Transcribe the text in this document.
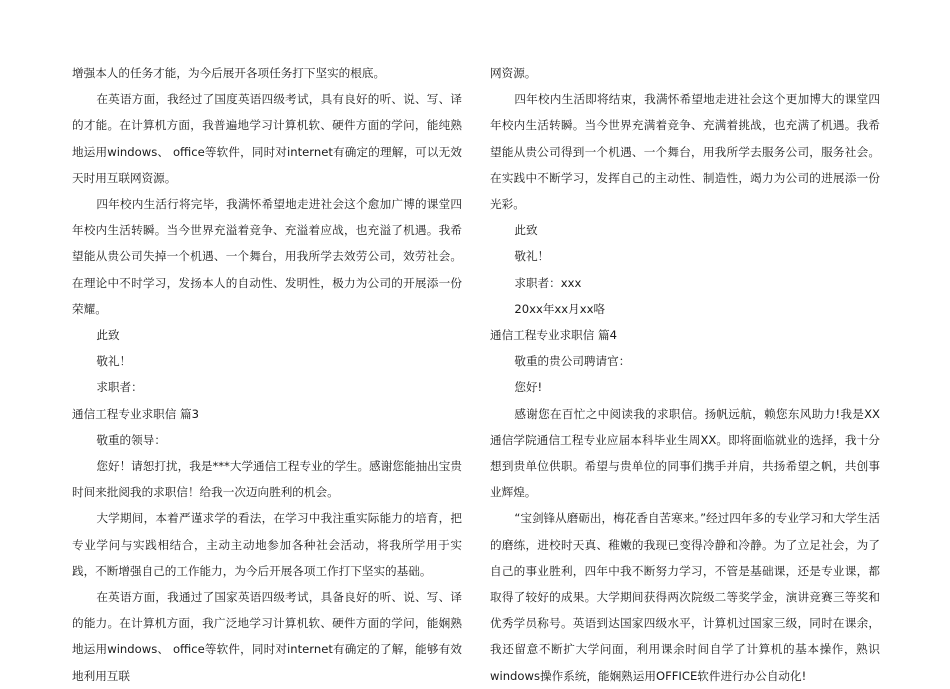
增强本人的任务才能，为今后展开各项任务打下坚实的根底。

在英语方面，我经过了国度英语四级考试，具有良好的听、说、写、译的才能。在计算机方面，我普遍地学习计算机软、硬件方面的学问，能纯熟地运用windows、 office等软件，同时对internet有确定的理解，可以无效天时用互联网资源。

四年校内生活行将完毕，我满怀希望地走进社会这个愈加广博的课堂四年校内生活转瞬。当今世界充溢着竞争、充溢着应战，也充溢了机遇。我希望能从贵公司失掉一个机遇、一个舞台，用我所学去效劳公司，效劳社会。在理论中不时学习，发扬本人的自动性、发明性，极力为公司的开展添一份荣耀。

此致

敬礼！

求职者：

通信工程专业求职信 篇3

敬重的领导：

您好！请恕打扰，我是***大学通信工程专业的学生。感谢您能抽出宝贵时间来批阅我的求职信！给我一次迈向胜利的机会。

大学期间，本着严谨求学的看法，在学习中我注重实际能力的培育，把专业学问与实践相结合，主动主动地参加各种社会活动，将我所学用于实践，不断增强自己的工作能力，为今后开展各项工作打下坚实的基础。

在英语方面，我通过了国家英语四级考试，具备良好的听、说、写、译的能力。在计算机方面，我广泛地学习计算机软、硬件方面的学问，能娴熟地运用windows、 office等软件，同时对internet有确定的了解，能够有效地利用互联

网资源。

四年校内生活即将结束，我满怀希望地走进社会这个更加博大的课堂四年校内生活转瞬。当今世界充满着竞争、充满着挑战，也充满了机遇。我希望能从贵公司得到一个机遇、一个舞台，用我所学去服务公司，服务社会。在实践中不断学习，发挥自己的主动性、制造性，竭力为公司的进展添一份光彩。

此致

敬礼！

求职者：xxx

20xx年xx月xx咯

通信工程专业求职信 篇4

敬重的贵公司聘请官：

您好!

感谢您在百忙之中阅读我的求职信。扬帆远航，赖您东风助力!我是XX通信学院通信工程专业应届本科毕业生周XX。即将面临就业的选择，我十分想到贵单位供职。希望与贵单位的同事们携手并肩，共扬希望之帆，共创事业辉煌。

“宝剑锋从磨砺出，梅花香自苦寒来。”经过四年多的专业学习和大学生活的磨练，进校时天真、稚嫩的我现已变得冷静和冷静。为了立足社会，为了自己的事业胜利，四年中我不断努力学习，不管是基础课，还是专业课，都取得了较好的成果。大学期间获得两次院级二等奖学金，演讲竞赛三等奖和优秀学员称号。英语到达国家四级水平，计算机过国家三级，同时在课余，我还留意不断扩大学问面，利用课余时间自学了计算机的基本操作，熟识windows操作系统，能娴熟运用OFFICE软件进行办公自动化!
